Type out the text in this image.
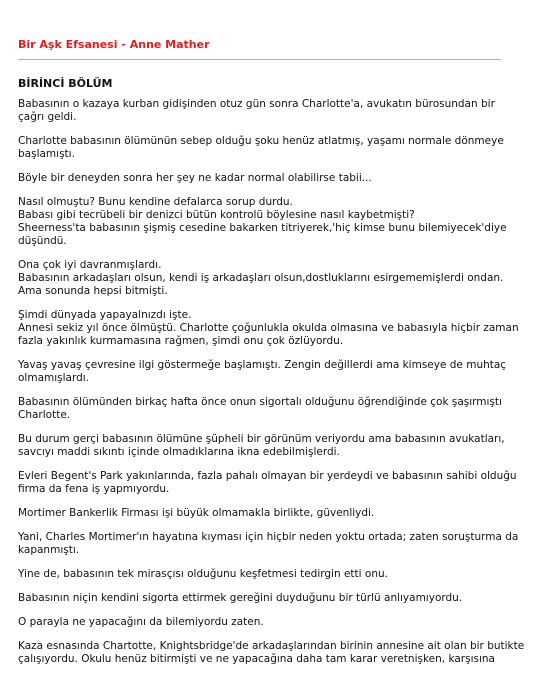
Bir Aşk Efsanesi - Anne Mather
BİRİNCİ BÖLÜM

Babasının o kazaya kurban gidişinden otuz gün sonra Charlotte'a, avukatın bürosundan bir
çağrı geldi.

Charlotte babasının ölümünün sebep olduğu şoku henüz atlatmış, yaşamı normale dönmeye
başlamıştı.

Böyle bir deneyden sonra her şey ne kadar normal olabilirse tabii...

Nasıl olmuştu? Bunu kendine defalarca sorup durdu.
Babası gibi tecrübeli bir denizci bütün kontrolü böylesine nasıl kaybetmişti?
Sheerness'ta babasının şişmiş cesedine bakarken titriyerek,'hiç kimse bunu bilemiyecek'diye
düşündü.

Ona çok iyi davranmışlardı.
Babasının arkadaşları olsun, kendi iş arkadaşları olsun,dostluklarını esirgememişlerdi ondan.
Ama sonunda hepsi bitmişti.

Şimdi dünyada yapayalnızdı işte.
Annesi sekiz yıl önce ölmüştü. Charlotte çoğunlukla okulda olmasına ve babasıyla hiçbir zaman
fazla yakınlık kurmamasına rağmen, şimdi onu çok özlüyordu.

Yavaş yavaş çevresine ilgi göstermeğe başlamıştı. Zengin değillerdi ama kimseye de muhtaç
olmamışlardı.

Babasının ölümünden birkaç hafta önce onun sigortalı olduğunu öğrendiğinde çok şaşırmıştı
Charlotte.

Bu durum gerçi babasının ölümüne şüpheli bir görünüm veriyordu ama babasının avukatları,
savcıyı maddi sıkıntı içinde olmadıklarına ikna edebilmişlerdi.

Evleri Begent's Park yakınlarında, fazla pahalı olmayan bir yerdeydi ve babasının sahibi olduğu
firma da fena iş yapmıyordu.

Mortimer Bankerlik Firması işi büyük olmamakla birlikte, güvenliydi.

Yani, Charles Mortimer'ın hayatına kıyması için hiçbir neden yoktu ortada; zaten soruşturma da
kapanmıştı.

Yine de, babasının tek mirasçısı olduğunu keşfetmesi tedirgin etti onu.

Babasının niçin kendini sigorta ettirmek gereğini duyduğunu bir türlü anlıyamıyordu.

O parayla ne yapacağını da bilemiyordu zaten.

Kaza esnasında Chartotte, Knightsbridge'de arkadaşlarından birinin annesine ait olan bir butikte
çalışıyordu. Okulu henüz bitirmişti ve ne yapacağına daha tam karar veretnişken, karşısına
